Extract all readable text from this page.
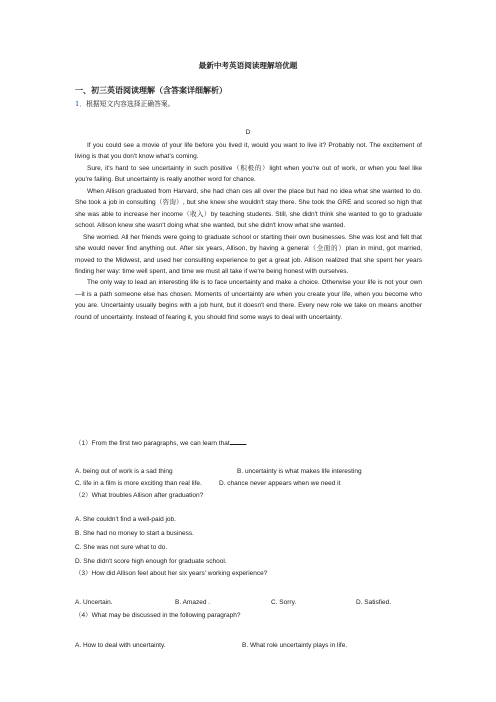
最新中考英语阅读理解培优题
一、初三英语阅读理解（含答案详细解析）
1．根据短文内容选择正确答案。
D

If you could see a movie of your life before you lived it, would you want to live it? Probably not. The excitement of living is that you don't know what's coming.

Sure, it's hard to see uncertainty in such positive（积极的）light when you're out of work, or when you feel like you're failing. But uncertainty is really another word for chance.

When Allison graduated from Harvard, she had chan ces all over the place but had no idea what she wanted to do. She took a job in consulting（咨询）, but she knew she wouldn't stay there. She took the GRE and scored so high that she was able to increase her income（收入）by teaching students. Still, she didn't think she wanted to go to graduate school. Allison knew she wasn't doing what she wanted, but she didn't know what she wanted.

She worried. All her friends were going to graduate school or starting their own businesses. She was lost and felt that she would never find anything out. After six years, Allison, by having a general（全面的）plan in mind, got married, moved to the Midwest, and used her consulting experience to get a great job. Allison realized that she spent her years finding her way: time well spent, and time we must all take if we're being honest with ourselves.

The only way to lead an interesting life is to face uncertainty and make a choice. Otherwise your life is not your own—it is a path someone else has chosen. Moments of uncertainty are when you create your life, when you become who you are. Uncertainty usually begins with a job hunt, but it doesn't end there. Every new role we take on means another round of uncertainty. Instead of fearing it, you should find some ways to deal with uncertainty.

（1）From the first two paragraphs, we can learn that .
A. being out of work is a sad thing	B. uncertainty is what makes life interesting
C. life in a film is more exciting than real life.	D. chance never appears when we need it
（2）What troubles Allison after graduation?
A. She couldn't find a well-paid job.
B. She had no money to start a business.
C. She was not sure what to do.
D. She didn't score high enough for graduate school.
（3）How did Allison feel about her six years' working experience?
A. Uncertain.	B. Amazed .	C. Sorry.	D. Satisfied.
（4）What may be discussed in the following paragraph?
A. How to deal with uncertainty.	B. What role uncertainty plays in life.
